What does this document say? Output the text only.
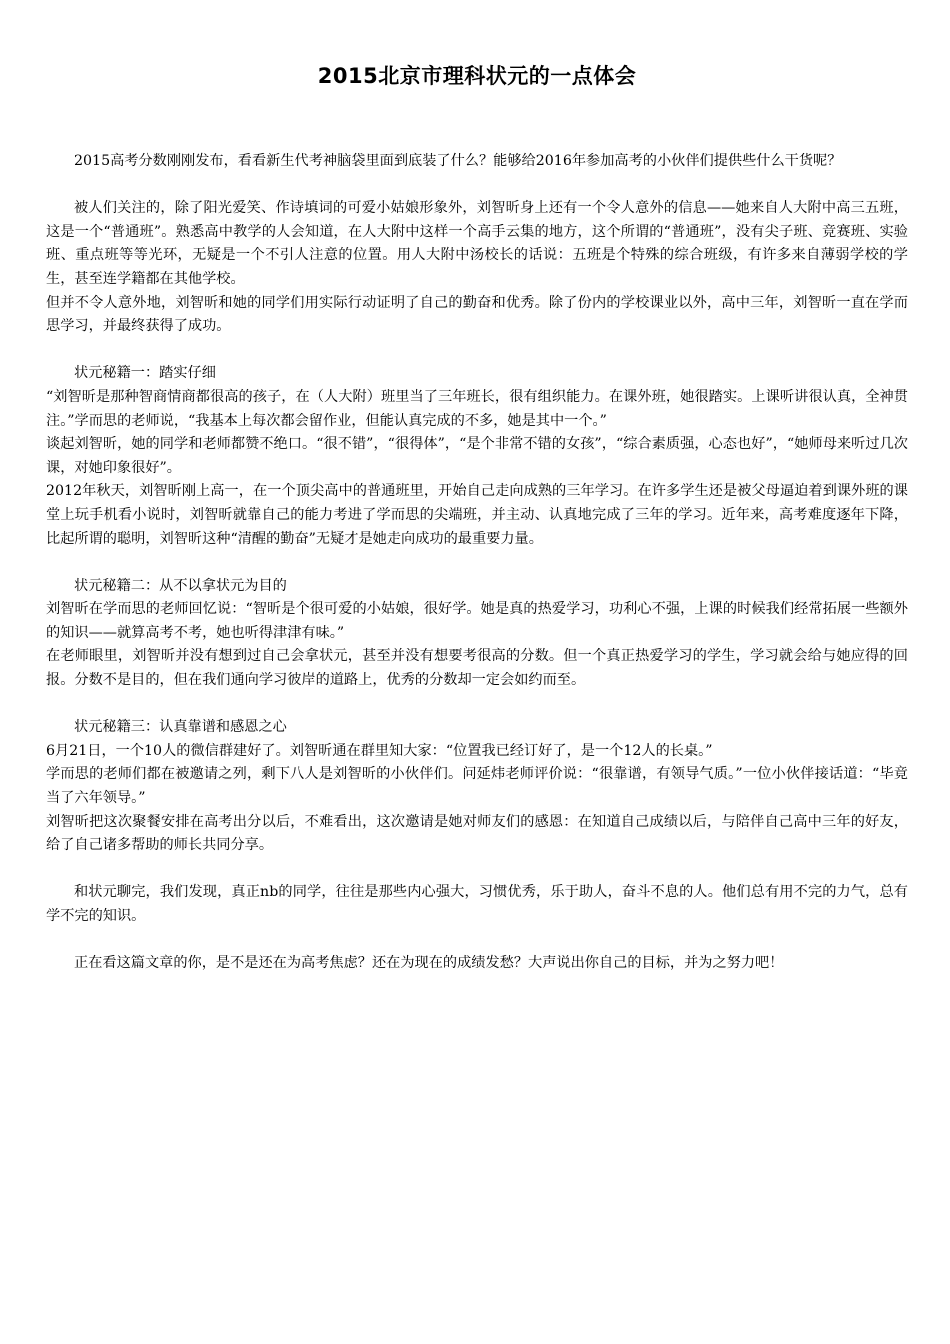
2015北京市理科状元的一点体会

2015高考分数刚刚发布，看看新生代考神脑袋里面到底装了什么？能够给2016年参加高考的小伙伴们提供些什么干货呢？

被人们关注的，除了阳光爱笑、作诗填词的可爱小姑娘形象外，刘智昕身上还有一个令人意外的信息——她来自人大附中高三五班，这是一个“普通班”。熟悉高中教学的人会知道，在人大附中这样一个高手云集的地方，这个所谓的“普通班”，没有尖子班、竞赛班、实验班、重点班等等光环，无疑是一个不引人注意的位置。用人大附中汤校长的话说：五班是个特殊的综合班级，有许多来自薄弱学校的学生，甚至连学籍都在其他学校。

但并不令人意外地，刘智昕和她的同学们用实际行动证明了自己的勤奋和优秀。除了份内的学校课业以外，高中三年，刘智昕一直在学而思学习，并最终获得了成功。

状元秘籍一：踏实仔细

“刘智昕是那种智商情商都很高的孩子，在（人大附）班里当了三年班长，很有组织能力。在课外班，她很踏实。上课听讲很认真，全神贯注。”学而思的老师说，“我基本上每次都会留作业，但能认真完成的不多，她是其中一个。”

谈起刘智昕，她的同学和老师都赞不绝口。“很不错”，“很得体”，“是个非常不错的女孩”，“综合素质强，心态也好”，“她师母来听过几次课，对她印象很好”。

2012年秋天，刘智昕刚上高一，在一个顶尖高中的普通班里，开始自己走向成熟的三年学习。在许多学生还是被父母逼迫着到课外班的课堂上玩手机看小说时，刘智昕就靠自己的能力考进了学而思的尖端班，并主动、认真地完成了三年的学习。近年来，高考难度逐年下降，比起所谓的聪明，刘智昕这种“清醒的勤奋”无疑才是她走向成功的最重要力量。

状元秘籍二：从不以拿状元为目的

刘智昕在学而思的老师回忆说：“智昕是个很可爱的小姑娘，很好学。她是真的热爱学习，功利心不强，上课的时候我们经常拓展一些额外的知识——就算高考不考，她也听得津津有味。”

在老师眼里，刘智昕并没有想到过自己会拿状元，甚至并没有想要考很高的分数。但一个真正热爱学习的学生，学习就会给与她应得的回报。分数不是目的，但在我们通向学习彼岸的道路上，优秀的分数却一定会如约而至。

状元秘籍三：认真靠谱和感恩之心

6月21日，一个10人的微信群建好了。刘智昕通在群里知大家：“位置我已经订好了，是一个12人的长桌。”

学而思的老师们都在被邀请之列，剩下八人是刘智昕的小伙伴们。问延炜老师评价说：“很靠谱，有领导气质。”一位小伙伴接话道：“毕竟当了六年领导。”

刘智昕把这次聚餐安排在高考出分以后，不难看出，这次邀请是她对师友们的感恩：在知道自己成绩以后，与陪伴自己高中三年的好友，给了自己诸多帮助的师长共同分享。

和状元聊完，我们发现，真正nb的同学，往往是那些内心强大，习惯优秀，乐于助人，奋斗不息的人。他们总有用不完的力气，总有学不完的知识。

正在看这篇文章的你，是不是还在为高考焦虑？还在为现在的成绩发愁？大声说出你自己的目标，并为之努力吧！
